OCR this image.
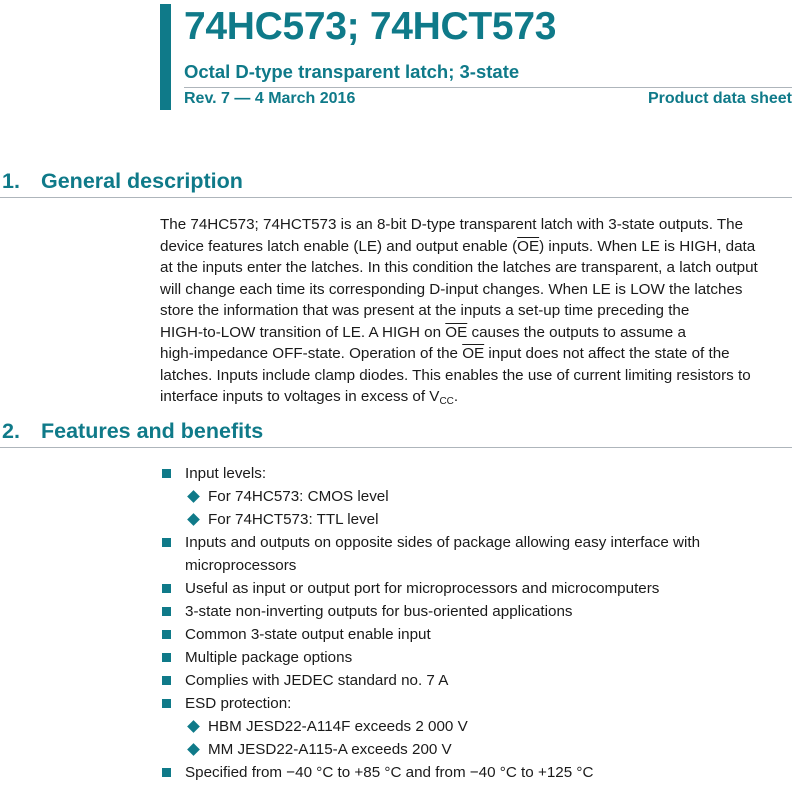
74HC573; 74HCT573
Octal D-type transparent latch; 3-state
Rev. 7 — 4 March 2016	Product data sheet
1. General description
The 74HC573; 74HCT573 is an 8-bit D-type transparent latch with 3-state outputs. The
device features latch enable (LE) and output enable $(\overline{OE})$ inputs. When LE is HIGH, data
at the inputs enter the latches. In this condition the latches are transparent, a latch output
will change each time its corresponding D-input changes. When LE is LOW the latches
store the information that was present at the inputs a set-up time preceding the
HIGH-to-LOW transition of LE. A HIGH on $\overline{OE}$ causes the outputs to assume a
high-impedance OFF-state. Operation of the $\overline{OE}$ input does not affect the state of the
latches. Inputs include clamp diodes. This enables the use of current limiting resistors to
interface inputs to voltages in excess of $V_{CC}$.
2. Features and benefits
Input levels:
For 74HC573: CMOS level
For 74HCT573: TTL level
Inputs and outputs on opposite sides of package allowing easy interface with
microprocessors
Useful as input or output port for microprocessors and microcomputers
3-state non-inverting outputs for bus-oriented applications
Common 3-state output enable input
Multiple package options
Complies with JEDEC standard no. 7 A
ESD protection:
HBM JESD22-A114F exceeds 2 000 V
MM JESD22-A115-A exceeds 200 V
Specified from −40 °C to +85 °C and from −40 °C to +125 °C
